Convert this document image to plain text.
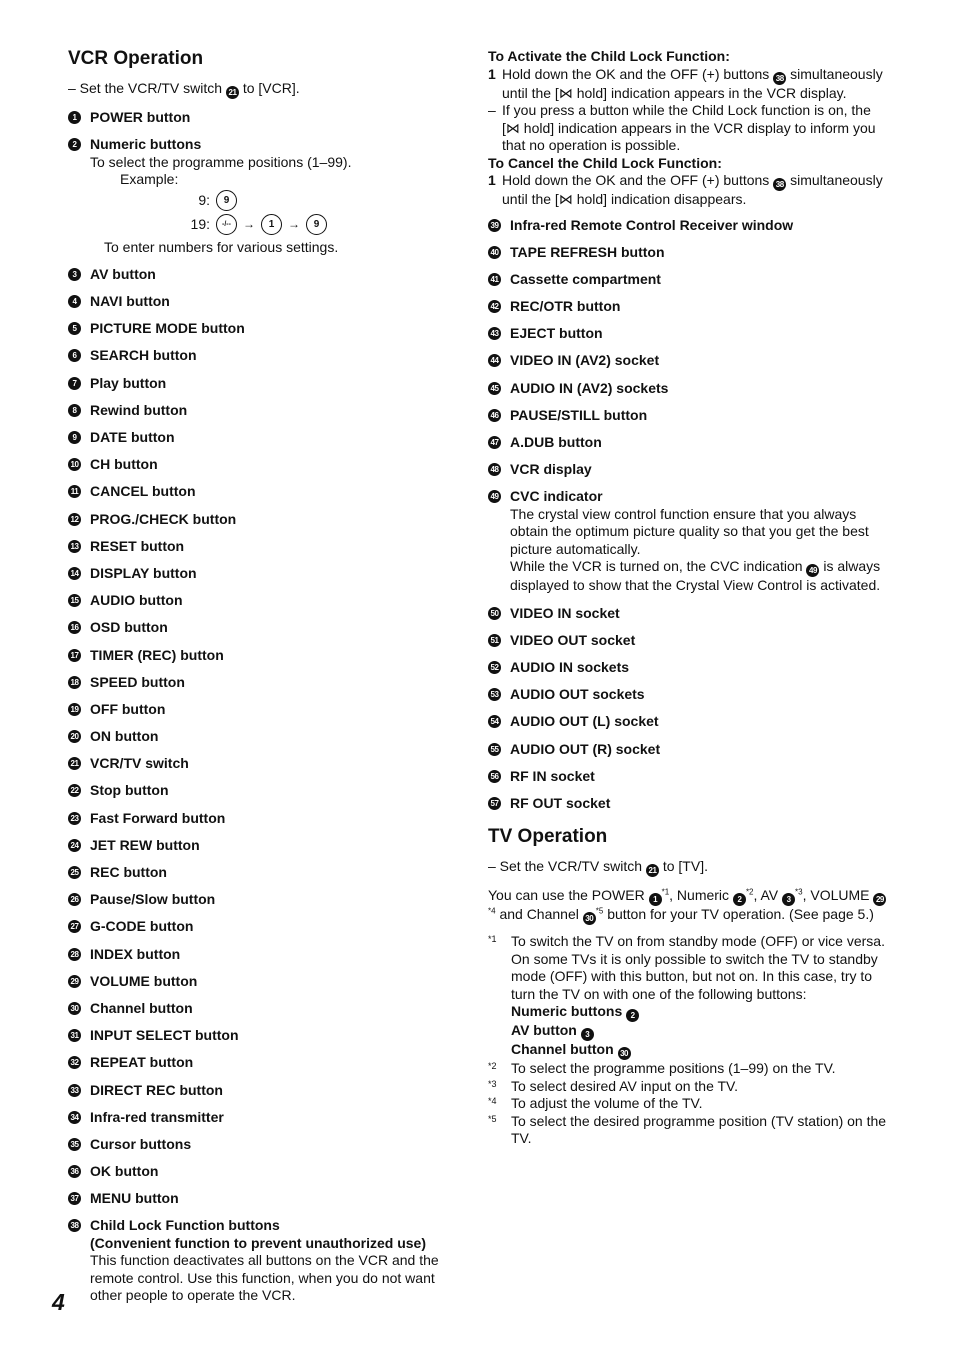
VCR Operation
– Set the VCR/TV switch 21 to [VCR].
1 POWER button
2 Numeric buttons
To select the programme positions (1–99).
Example:
9:	9
19:	-/--	→	1	→	9
To enter numbers for various settings.
3 AV button
4 NAVI button
5 PICTURE MODE button
6 SEARCH button
7 Play button
8 Rewind button
9 DATE button
10 CH button
11 CANCEL button
12 PROG./CHECK button
13 RESET button
14 DISPLAY button
15 AUDIO button
16 OSD button
17 TIMER (REC) button
18 SPEED button
19 OFF button
20 ON button
21 VCR/TV switch
22 Stop button
23 Fast Forward button
24 JET REW button
25 REC button
26 Pause/Slow button
27 G-CODE button
28 INDEX button
29 VOLUME button
30 Channel button
31 INPUT SELECT button
32 REPEAT button
33 DIRECT REC button
34 Infra-red transmitter
35 Cursor buttons
36 OK button
37 MENU button
38 Child Lock Function buttons
(Convenient function to prevent unauthorized use)
This function deactivates all buttons on the VCR and the remote control. Use this function, when you do not want other people to operate the VCR.
To Activate the Child Lock Function:
1 Hold down the OK and the OFF (+) buttons 38 simultaneously until the [⋈ hold] indication appears in the VCR display.
– If you press a button while the Child Lock function is on, the [⋈ hold] indication appears in the VCR display to inform you that no operation is possible.
To Cancel the Child Lock Function:
1 Hold down the OK and the OFF (+) buttons 38 simultaneously until the [⋈ hold] indication disappears.
39 Infra-red Remote Control Receiver window
40 TAPE REFRESH button
41 Cassette compartment
42 REC/OTR button
43 EJECT button
44 VIDEO IN (AV2) socket
45 AUDIO IN (AV2) sockets
46 PAUSE/STILL button
47 A.DUB button
48 VCR display
49 CVC indicator
The crystal view control function ensure that you always obtain the optimum picture quality so that you get the best picture automatically.
While the VCR is turned on, the CVC indication 49 is always displayed to show that the Crystal View Control is activated.
50 VIDEO IN socket
51 VIDEO OUT socket
52 AUDIO IN sockets
53 AUDIO OUT sockets
54 AUDIO OUT (L) socket
55 AUDIO OUT (R) socket
56 RF IN socket
57 RF OUT socket
TV Operation
– Set the VCR/TV switch 21 to [TV].
You can use the POWER 1$^{*1}$, Numeric 2$^{*2}$, AV 3$^{*3}$, VOLUME 29$^{*4}$ and Channel 30$^{*5}$ button for your TV operation. (See page 5.)
*1	To switch the TV on from standby mode (OFF) or vice versa.
On some TVs it is only possible to switch the TV to standby mode (OFF) with this button, but not on. In this case, try to turn the TV on with one of the following buttons:
Numeric buttons 2
AV button 3
Channel button 30
*2	To select the programme positions (1–99) on the TV.
*3	To select desired AV input on the TV.
*4	To adjust the volume of the TV.
*5	To select the desired programme position (TV station) on the TV.
4
